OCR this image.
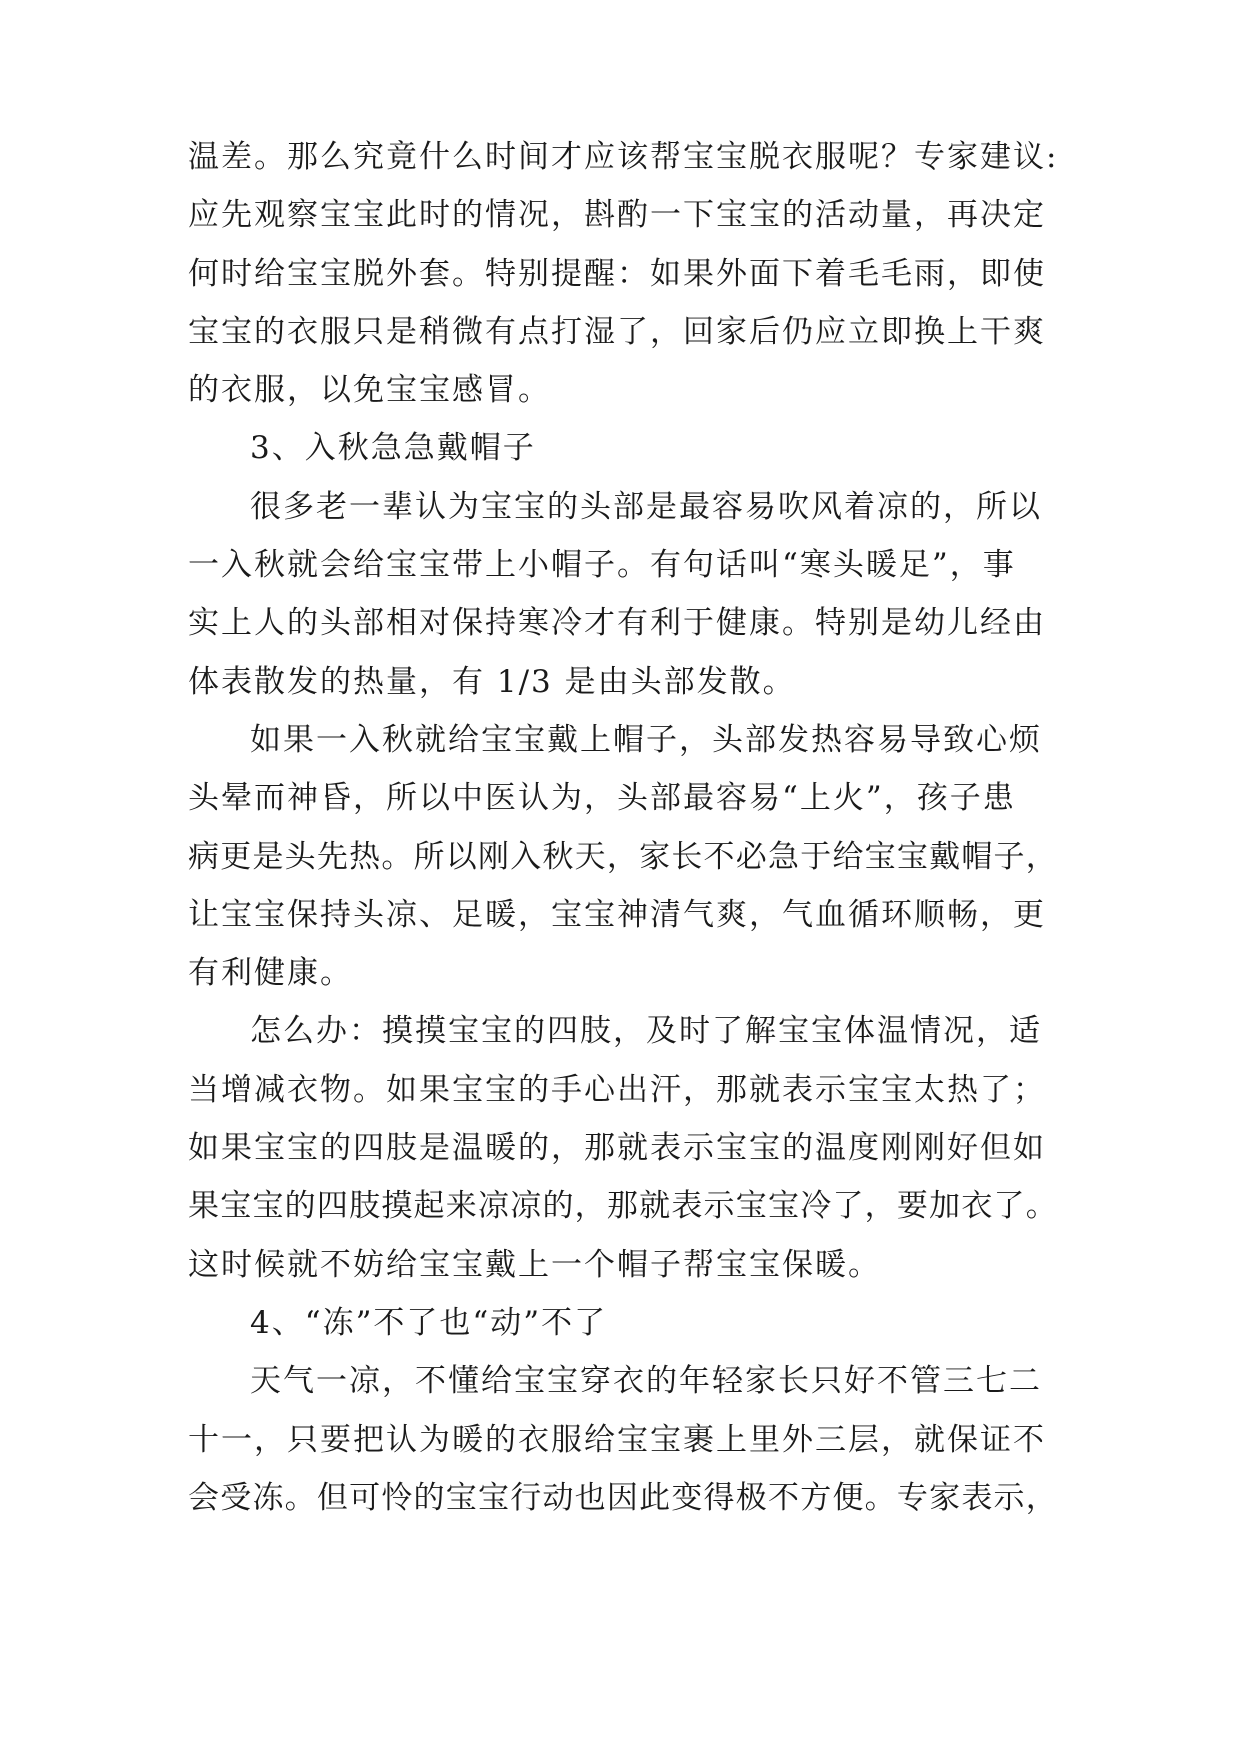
温差。那么究竟什么时间才应该帮宝宝脱衣服呢？专家建议:
应先观察宝宝此时的情况，斟酌一下宝宝的活动量，再决定
何时给宝宝脱外套。特别提醒：如果外面下着毛毛雨，即使
宝宝的衣服只是稍微有点打湿了，回家后仍应立即换上干爽
的衣服，以免宝宝感冒。
3、入秋急急戴帽子
很多老一辈认为宝宝的头部是最容易吹风着凉的，所以
一入秋就会给宝宝带上小帽子。有句话叫“寒头暖足”，事
实上人的头部相对保持寒冷才有利于健康。特别是幼儿经由
体表散发的热量，有 1/3 是由头部发散。
如果一入秋就给宝宝戴上帽子，头部发热容易导致心烦
头晕而神昏，所以中医认为，头部最容易“上火”，孩子患
病更是头先热。所以刚入秋天，家长不必急于给宝宝戴帽子，
让宝宝保持头凉、足暖，宝宝神清气爽，气血循环顺畅，更
有利健康。
怎么办：摸摸宝宝的四肢，及时了解宝宝体温情况，适
当增减衣物。如果宝宝的手心出汗，那就表示宝宝太热了；
如果宝宝的四肢是温暖的，那就表示宝宝的温度刚刚好但如
果宝宝的四肢摸起来凉凉的，那就表示宝宝冷了，要加衣了。
这时候就不妨给宝宝戴上一个帽子帮宝宝保暖。
4、“冻”不了也“动”不了
天气一凉，不懂给宝宝穿衣的年轻家长只好不管三七二
十一，只要把认为暖的衣服给宝宝裹上里外三层，就保证不
会受冻。但可怜的宝宝行动也因此变得极不方便。专家表示，
